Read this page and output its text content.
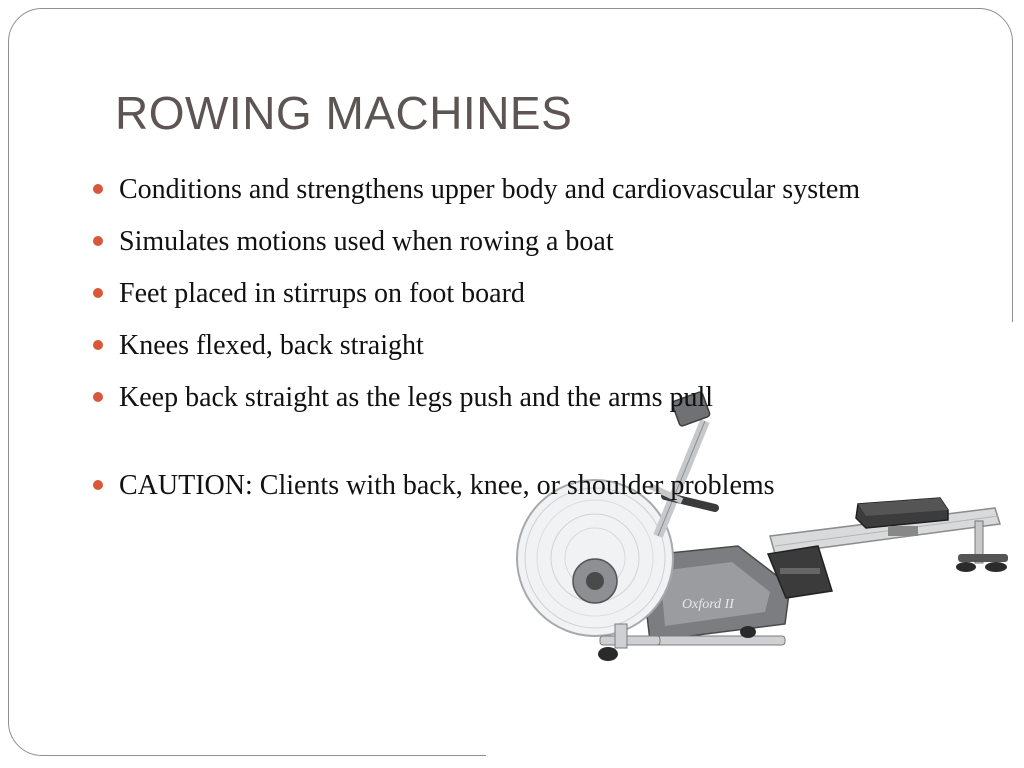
ROWING MACHINES
Oxford II
Conditions and strengthens upper body and cardiovascular system
Simulates motions used when rowing a boat
Feet placed in stirrups on foot board
Knees flexed, back straight
Keep back straight as the legs push and the arms pull
CAUTION: Clients with back, knee, or shoulder problems
